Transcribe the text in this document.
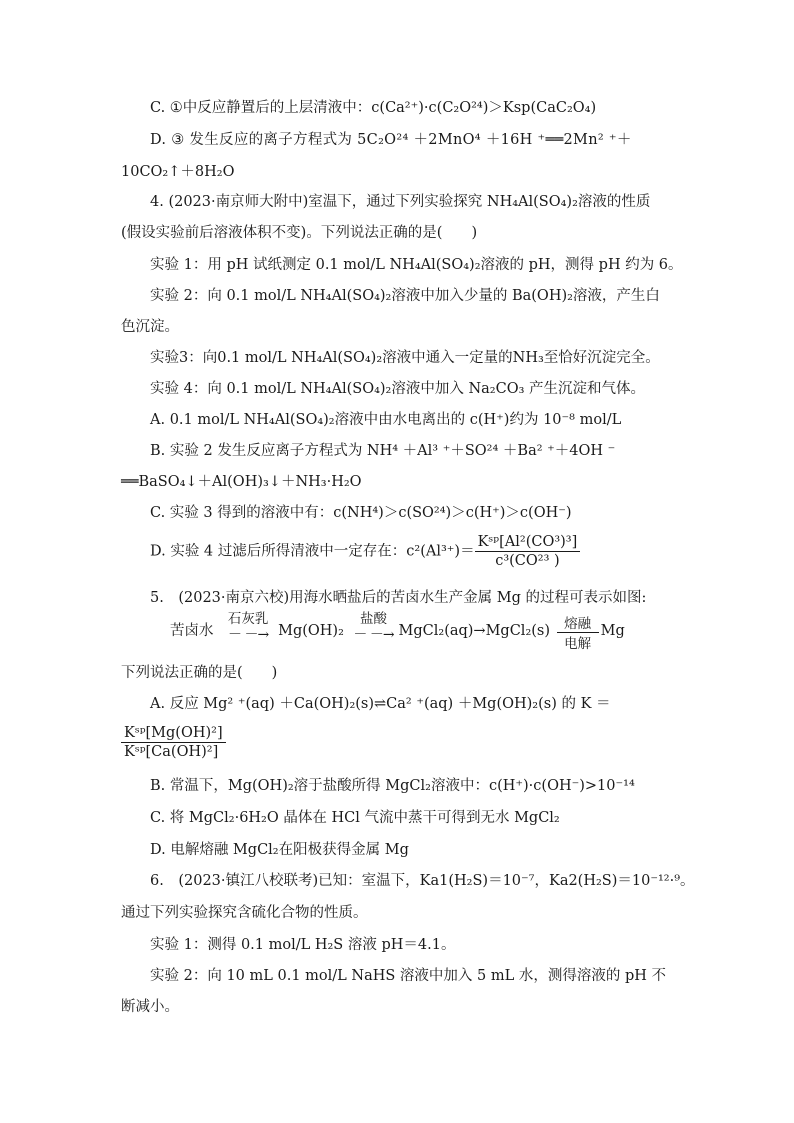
C. ①中反应静置后的上层清液中：c(Ca²⁺)·c(C₂O²⁴)＞Ksp(CaC₂O₄)
D. ③ 发生反应的离子方程式为 5C₂O²⁴ ＋2MnO⁴ ＋16H ⁺══2Mn² ⁺＋
10CO₂↑＋8H₂O
4. (2023·南京师大附中)室温下，通过下列实验探究 NH₄Al(SO₄)₂溶液的性质
(假设实验前后溶液体积不变)。下列说法正确的是(　　)
实验 1：用 pH 试纸测定 0.1 mol/L NH₄Al(SO₄)₂溶液的 pH，测得 pH 约为 6。
实验 2：向 0.1 mol/L NH₄Al(SO₄)₂溶液中加入少量的 Ba(OH)₂溶液，产生白
色沉淀。
实验3：向0.1 mol/L NH₄Al(SO₄)₂溶液中通入一定量的NH₃至恰好沉淀完全。
实验 4：向 0.1 mol/L NH₄Al(SO₄)₂溶液中加入 Na₂CO₃ 产生沉淀和气体。
A. 0.1 mol/L NH₄Al(SO₄)₂溶液中由水电离出的 c(H⁺)约为 10⁻⁸ mol/L
B. 实验 2 发生反应离子方程式为 NH⁴ ＋Al³ ⁺＋SO²⁴ ＋Ba² ⁺＋4OH ⁻
══BaSO₄↓＋Al(OH)₃↓＋NH₃·H₂O
C. 实验 3 得到的溶液中有：c(NH⁴)＞c(SO²⁴)＞c(H⁺)＞c(OH⁻)
D. 实验 4 过滤后所得清液中一定存在：$c^2(Al^{3+})= \frac{\text{Kˢᵖ[Al²(CO³)³]}}{\text{c³(CO²³ )}}$
5.　(2023·南京六校)用海水晒盐后的苦卤水生产金属 Mg 的过程可表示如图:
苦卤水
石灰乳
－ －→ Mg(OH)₂
盐酸
－ －→ MgCl₂(aq)→MgCl₂(s)	熔融
电解
Mg
下列说法正确的是(　　)
A. 反应 Mg² ⁺(aq) ＋Ca(OH)₂(s)⇌Ca² ⁺(aq) ＋Mg(OH)₂(s) 的 K ＝
$\frac{\text{Kˢᵖ[Mg(OH)²]}}{\text{Kˢᵖ[Ca(OH)²]}}$
B. 常温下，Mg(OH)₂溶于盐酸所得 MgCl₂溶液中：c(H⁺)·c(OH⁻)>10⁻¹⁴
C. 将 MgCl₂·6H₂O 晶体在 HCl 气流中蒸干可得到无水 MgCl₂
D. 电解熔融 MgCl₂在阳极获得金属 Mg
6.　(2023·镇江八校联考)已知：室温下，Ka1(H₂S)＝10⁻⁷，Ka2(H₂S)＝10⁻¹²·⁹。
通过下列实验探究含硫化合物的性质。
实验 1：测得 0.1 mol/L H₂S 溶液 pH＝4.1。
实验 2：向 10 mL 0.1 mol/L NaHS 溶液中加入 5 mL 水，测得溶液的 pH 不
断减小。
